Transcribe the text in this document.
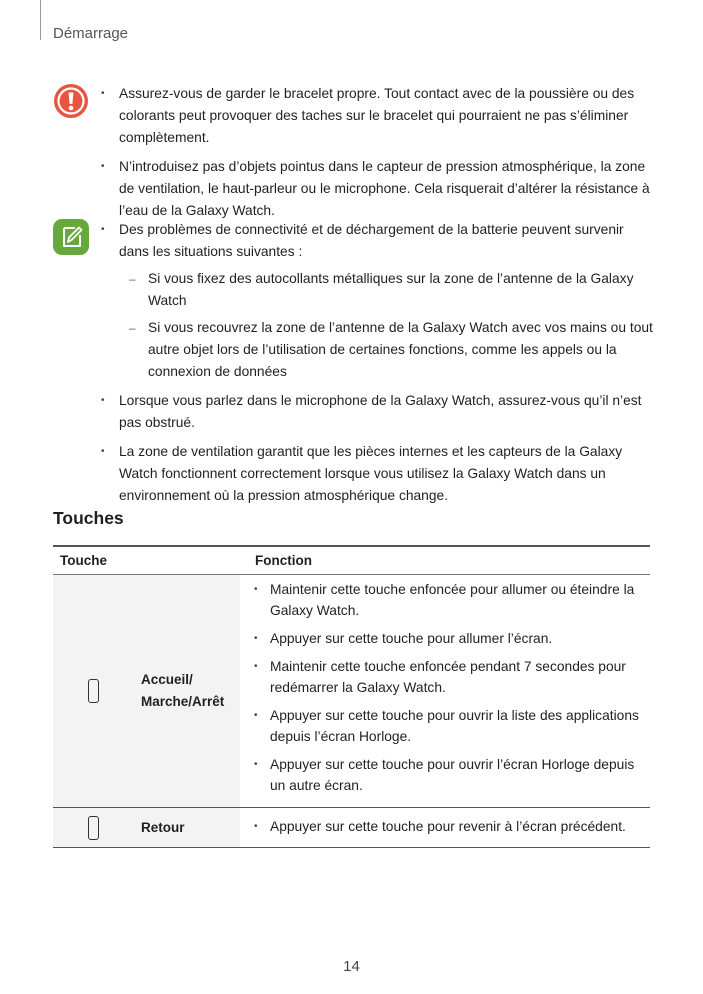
Démarrage
• Assurez-vous de garder le bracelet propre. Tout contact avec de la poussière ou des colorants peut provoquer des taches sur le bracelet qui pourraient ne pas s’éliminer complètement.
• N’introduisez pas d’objets pointus dans le capteur de pression atmosphérique, la zone de ventilation, le haut-parleur ou le microphone. Cela risquerait d’altérer la résistance à l’eau de la Galaxy Watch.
• Des problèmes de connectivité et de déchargement de la batterie peuvent survenir dans les situations suivantes :
– Si vous fixez des autocollants métalliques sur la zone de l’antenne de la Galaxy Watch
– Si vous recouvrez la zone de l’antenne de la Galaxy Watch avec vos mains ou tout autre objet lors de l’utilisation de certaines fonctions, comme les appels ou la connexion de données
• Lorsque vous parlez dans le microphone de la Galaxy Watch, assurez-vous qu’il n’est pas obstrué.
• La zone de ventilation garantit que les pièces internes et les capteurs de la Galaxy Watch fonctionnent correctement lorsque vous utilisez la Galaxy Watch dans un environnement où la pression atmosphérique change.
Touches
Touche	Fonction
Accueil/ Marche/Arrêt
• Maintenir cette touche enfoncée pour allumer ou éteindre la Galaxy Watch.
• Appuyer sur cette touche pour allumer l’écran.
• Maintenir cette touche enfoncée pendant 7 secondes pour redémarrer la Galaxy Watch.
• Appuyer sur cette touche pour ouvrir la liste des applications depuis l’écran Horloge.
• Appuyer sur cette touche pour ouvrir l’écran Horloge depuis un autre écran.
Retour
•	Appuyer sur cette touche pour revenir à l’écran précédent.
14
